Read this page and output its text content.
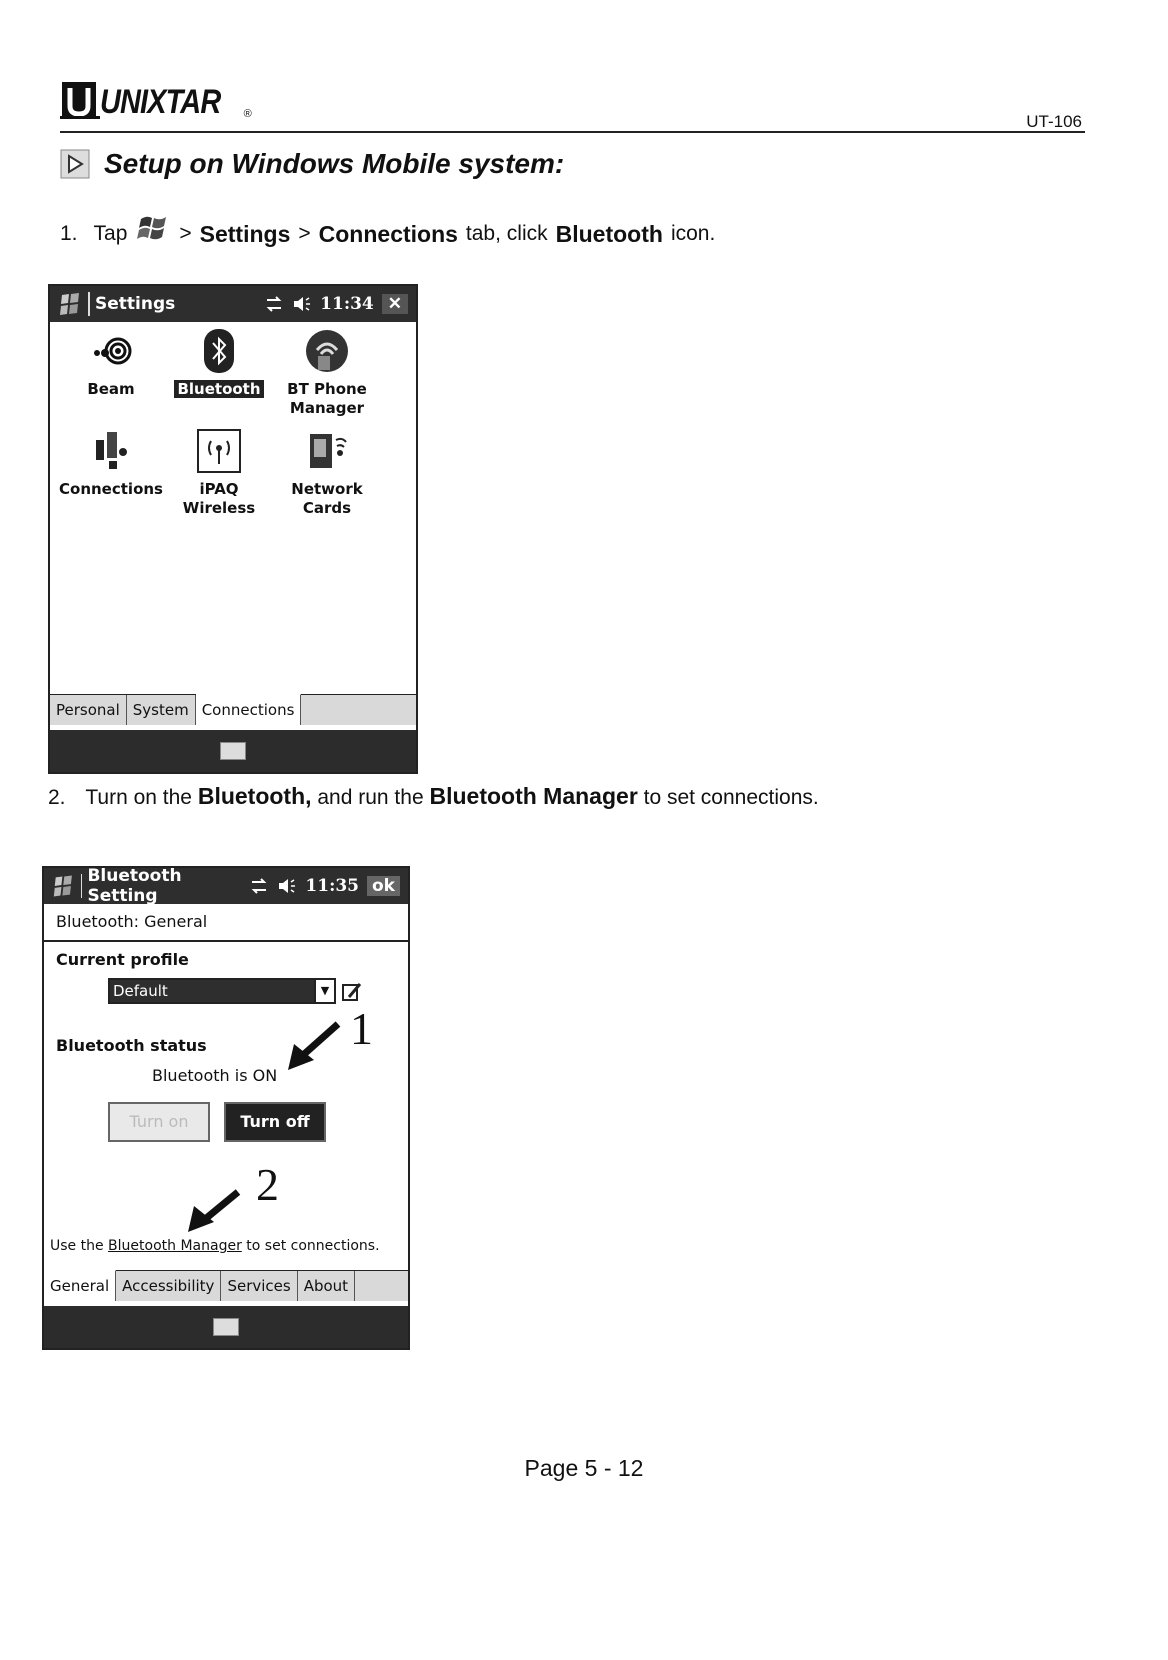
UNIXTAR ®	UT-106
Setup on Windows Mobile system:
1. Tap > Settings > Connections tab, click Bluetooth icon.
Settings	11:34 ✕
Beam	Bluetooth	BT Phone Manager
Connections	iPAQ Wireless
Network Cards
Personal System Connections
2. Turn on the Bluetooth, and run the Bluetooth Manager to set connections.
Bluetooth Setting	11:35 ok
Bluetooth: General
Current profile
Default	▼
Bluetooth status
Bluetooth is ON
1
Turn on	Turn off
2
Use the Bluetooth Manager to set connections.
General Accessibility Services About
Page 5 - 12
